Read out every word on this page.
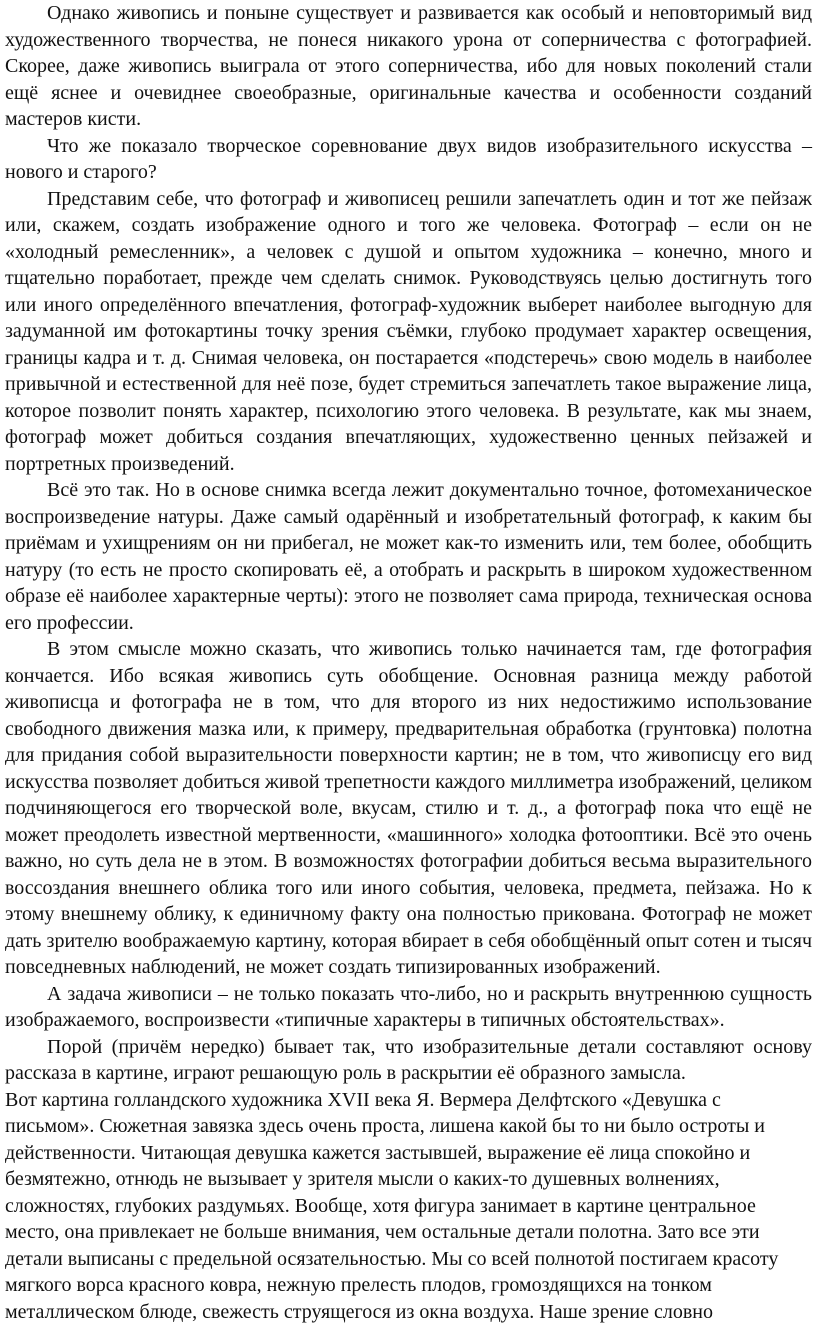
Однако живопись и поныне существует и развивается как особый и неповторимый вид художественного творчества, не понеся никакого урона от соперничества с фотографией. Скорее, даже живопись выиграла от этого соперничества, ибо для новых поколений стали ещё яснее и очевиднее своеобразные, оригинальные качества и особенности созданий мастеров кисти.

Что же показало творческое соревнование двух видов изобразительного искусства – нового и старого?

Представим себе, что фотограф и живописец решили запечатлеть один и тот же пейзаж или, скажем, создать изображение одного и того же человека. Фотограф – если он не «холодный ремесленник», а человек с душой и опытом художника – конечно, много и тщательно поработает, прежде чем сделать снимок. Руководствуясь целью достигнуть того или иного определённого впечатления, фотограф-художник выберет наиболее выгодную для задуманной им фотокартины точку зрения съёмки, глубоко продумает характер освещения, границы кадра и т. д. Снимая человека, он постарается «подстеречь» свою модель в наиболее привычной и естественной для неё позе, будет стремиться запечатлеть такое выражение лица, которое позволит понять характер, психологию этого человека. В результате, как мы знаем, фотограф может добиться создания впечатляющих, художественно ценных пейзажей и портретных произведений.

Всё это так. Но в основе снимка всегда лежит документально точное, фотомеханическое воспроизведение натуры. Даже самый одарённый и изобретательный фотограф, к каким бы приёмам и ухищрениям он ни прибегал, не может как-то изменить или, тем более, обобщить натуру (то есть не просто скопировать её, а отобрать и раскрыть в широком художественном образе её наиболее характерные черты): этого не позволяет сама природа, техническая основа его профессии.

В этом смысле можно сказать, что живопись только начинается там, где фотография кончается. Ибо всякая живопись суть обобщение. Основная разница между работой живописца и фотографа не в том, что для второго из них недостижимо использование свободного движения мазка или, к примеру, предварительная обработка (грунтовка) полотна для придания собой выразительности поверхности картин; не в том, что живописцу его вид искусства позволяет добиться живой трепетности каждого миллиметра изображений, целиком подчиняющегося его творческой воле, вкусам, стилю и т. д., а фотограф пока что ещё не может преодолеть известной мертвенности, «машинного» холодка фотооптики. Всё это очень важно, но суть дела не в этом. В возможностях фотографии добиться весьма выразительного воссоздания внешнего облика того или иного события, человека, предмета, пейзажа. Но к этому внешнему облику, к единичному факту она полностью прикована. Фотограф не может дать зрителю воображаемую картину, которая вбирает в себя обобщённый опыт сотен и тысяч повседневных наблюдений, не может создать типизированных изображений.

А задача живописи – не только показать что-либо, но и раскрыть внутреннюю сущность изображаемого, воспроизвести «типичные характеры в типичных обстоятельствах».

Порой (причём нередко) бывает так, что изобразительные детали составляют основу рассказа в картине, играют решающую роль в раскрытии её образного замысла.

Вот картина голландского художника XVII века Я. Вермера Делфтского «Девушка с письмом». Сюжетная завязка здесь очень проста, лишена какой бы то ни было остроты и действенности. Читающая девушка кажется застывшей, выражение её лица спокойно и безмятежно, отнюдь не вызывает у зрителя мысли о каких-то душевных волнениях, сложностях, глубоких раздумьях. Вообще, хотя фигура занимает в картине центральное место, она привлекает не больше внимания, чем остальные детали полотна. Зато все эти детали выписаны с предельной осязательностью. Мы со всей полнотой постигаем красоту мягкого ворса красного ковра, нежную прелесть плодов, громоздящихся на тонком металлическом блюде, свежесть струящегося из окна воздуха. Наше зрение словно
